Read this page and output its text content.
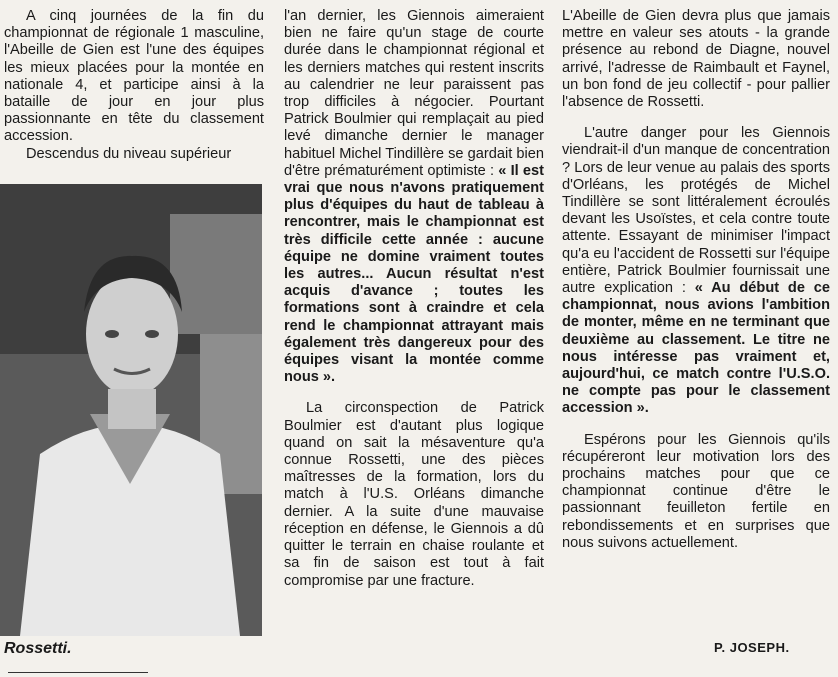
A cinq journées de la fin du championnat de régionale 1 masculine, l'Abeille de Gien est l'une des équipes les mieux placées pour la montée en nationale 4, et participe ainsi à la bataille de jour en jour plus passionnante en tête du classement accession.

Descendus du niveau supérieur

Rossetti.

l'an dernier, les Giennois aimeraient bien ne faire qu'un stage de courte durée dans le championnat régional et les derniers matches qui restent inscrits au calendrier ne leur paraissent pas trop difficiles à négocier. Pourtant Patrick Boulmier qui remplaçait au pied levé dimanche dernier le manager habituel Michel Tindillère se gardait bien d'être prématurément optimiste : « Il est vrai que nous n'avons pratiquement plus d'équipes du haut de tableau à rencontrer, mais le championnat est très difficile cette année : aucune équipe ne domine vraiment toutes les autres... Aucun résultat n'est acquis d'avance ; toutes les formations sont à craindre et cela rend le championnat attrayant mais également très dangereux pour des équipes visant la montée comme nous ».

La circonspection de Patrick Boulmier est d'autant plus logique quand on sait la mésaventure qu'a connue Rossetti, une des pièces maîtresses de la formation, lors du match à l'U.S. Orléans dimanche dernier. A la suite d'une mauvaise réception en défense, le Giennois a dû quitter le terrain en chaise roulante et sa fin de saison est tout à fait compromise par une fracture.

L'Abeille de Gien devra plus que jamais mettre en valeur ses atouts - la grande présence au rebond de Diagne, nouvel arrivé, l'adresse de Raimbault et Faynel, un bon fond de jeu collectif - pour pallier l'absence de Rossetti.

L'autre danger pour les Giennois viendrait-il d'un manque de concentration ? Lors de leur venue au palais des sports d'Orléans, les protégés de Michel Tindillère se sont littéralement écroulés devant les Usoïstes, et cela contre toute attente. Essayant de minimiser l'impact qu'a eu l'accident de Rossetti sur l'équipe entière, Patrick Boulmier fournissait une autre explication : « Au début de ce championnat, nous avions l'ambition de monter, même en ne terminant que deuxième au classement. Le titre ne nous intéresse pas vraiment et, aujourd'hui, ce match contre l'U.S.O. ne compte pas pour le classement accession ».

Espérons pour les Giennois qu'ils récupéreront leur motivation lors des prochains matches pour que ce championnat continue d'être le passionnant feuilleton fertile en rebondissements et en surprises que nous suivons actuellement.

P. JOSEPH.
